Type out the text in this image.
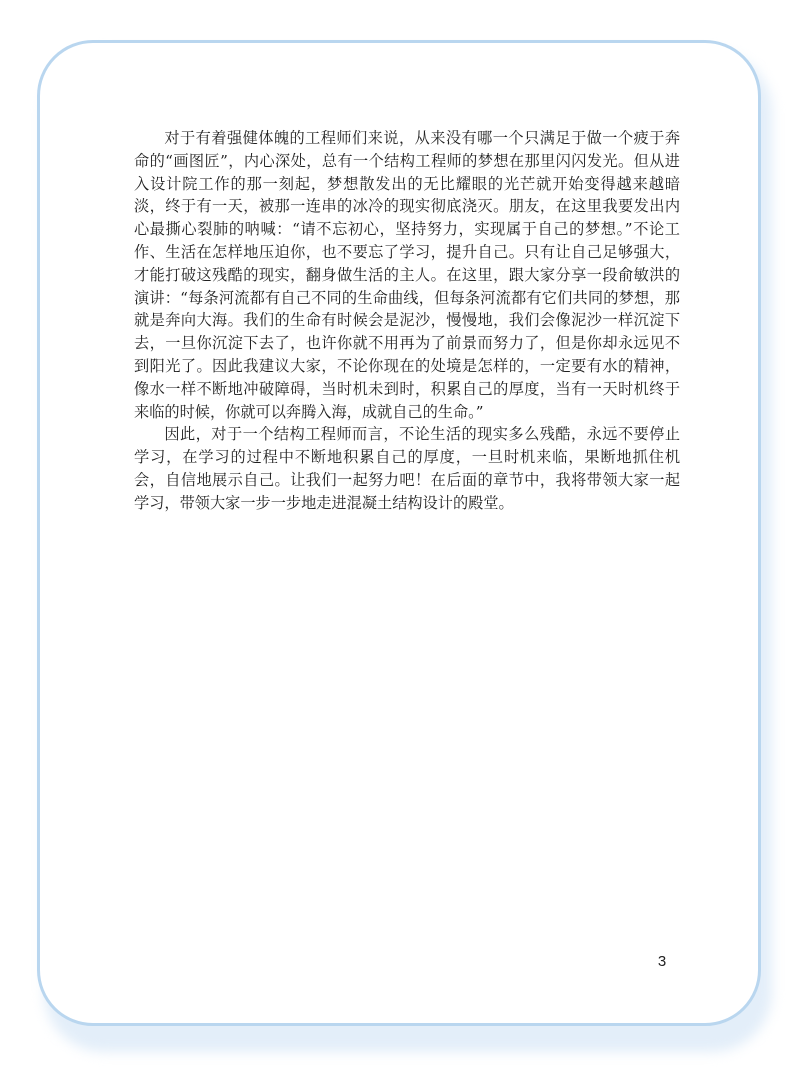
对于有着强健体魄的工程师们来说，从来没有哪一个只满足于做一个疲于奔命的“画图匠”，内心深处，总有一个结构工程师的梦想在那里闪闪发光。但从进入设计院工作的那一刻起，梦想散发出的无比耀眼的光芒就开始变得越来越暗淡，终于有一天，被那一连串的冰冷的现实彻底浇灭。朋友，在这里我要发出内心最撕心裂肺的呐喊：“请不忘初心，坚持努力，实现属于自己的梦想。”不论工作、生活在怎样地压迫你，也不要忘了学习，提升自己。只有让自己足够强大，才能打破这残酷的现实，翻身做生活的主人。在这里，跟大家分享一段俞敏洪的演讲：“每条河流都有自己不同的生命曲线，但每条河流都有它们共同的梦想，那就是奔向大海。我们的生命有时候会是泥沙，慢慢地，我们会像泥沙一样沉淀下去，一旦你沉淀下去了，也许你就不用再为了前景而努力了，但是你却永远见不到阳光了。因此我建议大家，不论你现在的处境是怎样的，一定要有水的精神，像水一样不断地冲破障碍，当时机未到时，积累自己的厚度，当有一天时机终于来临的时候，你就可以奔腾入海，成就自己的生命。”

因此，对于一个结构工程师而言，不论生活的现实多么残酷，永远不要停止学习，在学习的过程中不断地积累自己的厚度，一旦时机来临，果断地抓住机会，自信地展示自己。让我们一起努力吧！在后面的章节中，我将带领大家一起学习，带领大家一步一步地走进混凝土结构设计的殿堂。

3
